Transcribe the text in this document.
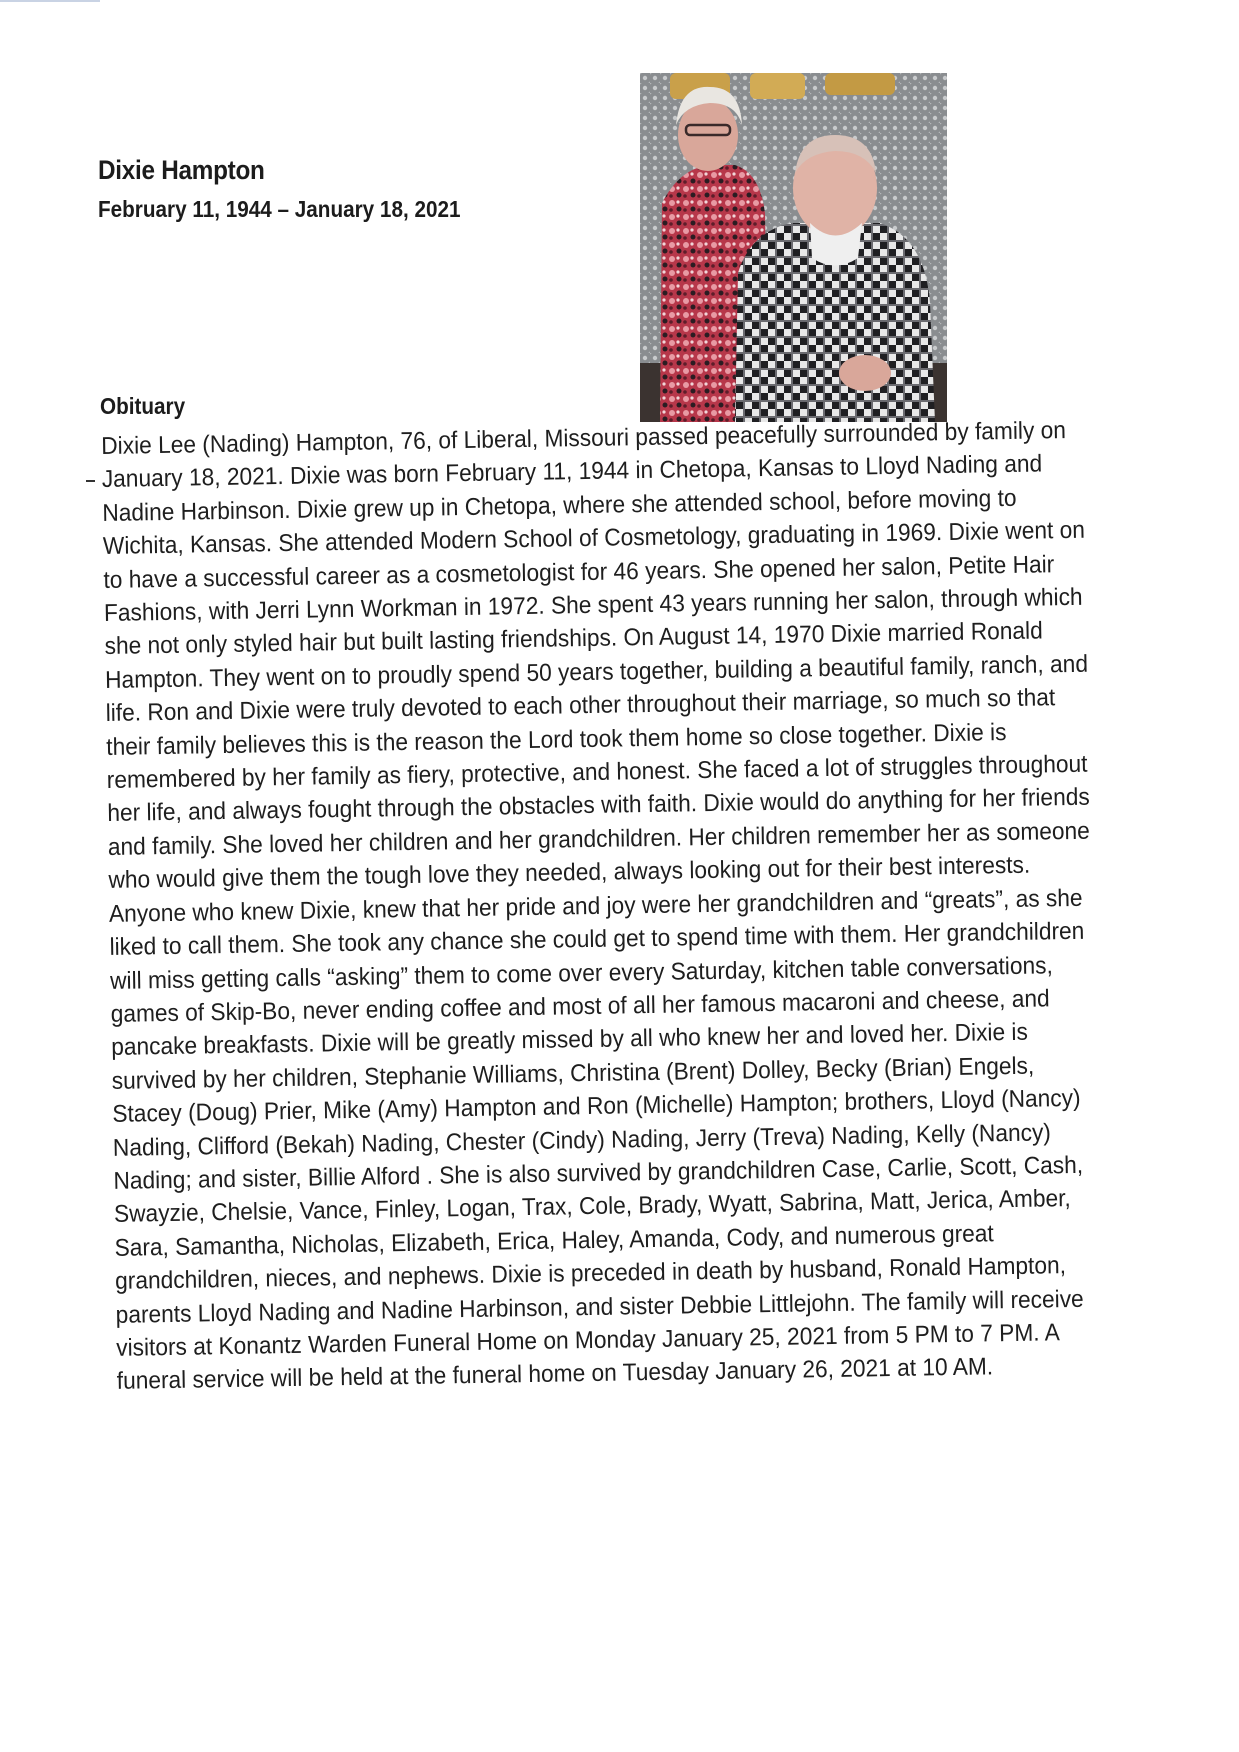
Dixie Hampton
February 11, 1944 – January 18, 2021
Obituary
Dixie Lee (Nading) Hampton, 76, of Liberal, Missouri passed peacefully surrounded by family on
January 18, 2021. Dixie was born February 11, 1944 in Chetopa, Kansas to Lloyd Nading and
Nadine Harbinson. Dixie grew up in Chetopa, where she attended school, before moving to
Wichita, Kansas. She attended Modern School of Cosmetology, graduating in 1969. Dixie went on
to have a successful career as a cosmetologist for 46 years. She opened her salon, Petite Hair
Fashions, with Jerri Lynn Workman in 1972. She spent 43 years running her salon, through which
she not only styled hair but built lasting friendships. On August 14, 1970 Dixie married Ronald
Hampton. They went on to proudly spend 50 years together, building a beautiful family, ranch, and
life. Ron and Dixie were truly devoted to each other throughout their marriage, so much so that
their family believes this is the reason the Lord took them home so close together. Dixie is
remembered by her family as fiery, protective, and honest. She faced a lot of struggles throughout
her life, and always fought through the obstacles with faith. Dixie would do anything for her friends
and family. She loved her children and her grandchildren. Her children remember her as someone
who would give them the tough love they needed, always looking out for their best interests.
Anyone who knew Dixie, knew that her pride and joy were her grandchildren and “greats”, as she
liked to call them. She took any chance she could get to spend time with them. Her grandchildren
will miss getting calls “asking” them to come over every Saturday, kitchen table conversations,
games of Skip-Bo, never ending coffee and most of all her famous macaroni and cheese, and
pancake breakfasts. Dixie will be greatly missed by all who knew her and loved her. Dixie is
survived by her children, Stephanie Williams, Christina (Brent) Dolley, Becky (Brian) Engels,
Stacey (Doug) Prier, Mike (Amy) Hampton and Ron (Michelle) Hampton; brothers, Lloyd (Nancy)
Nading, Clifford (Bekah) Nading, Chester (Cindy) Nading, Jerry (Treva) Nading, Kelly (Nancy)
Nading; and sister, Billie Alford . She is also survived by grandchildren Case, Carlie, Scott, Cash,
Swayzie, Chelsie, Vance, Finley, Logan, Trax, Cole, Brady, Wyatt, Sabrina, Matt, Jerica, Amber,
Sara, Samantha, Nicholas, Elizabeth, Erica, Haley, Amanda, Cody, and numerous great
grandchildren, nieces, and nephews. Dixie is preceded in death by husband, Ronald Hampton,
parents Lloyd Nading and Nadine Harbinson, and sister Debbie Littlejohn. The family will receive
visitors at Konantz Warden Funeral Home on Monday January 25, 2021 from 5 PM to 7 PM. A
funeral service will be held at the funeral home on Tuesday January 26, 2021 at 10 AM.
